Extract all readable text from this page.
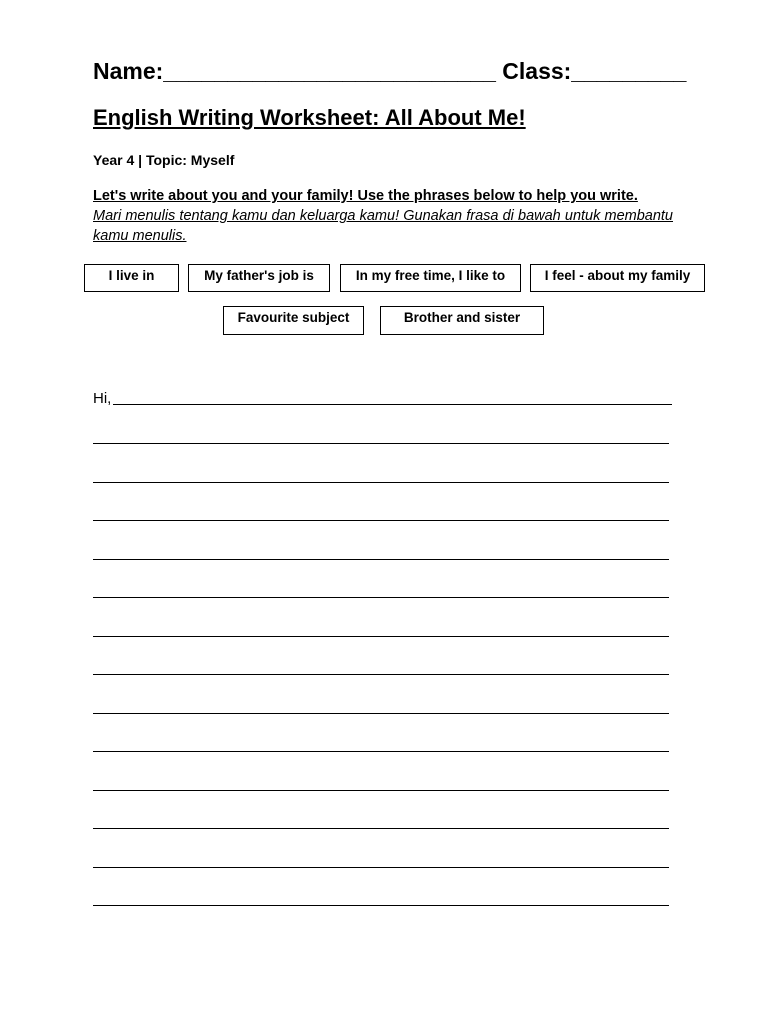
Name:__________________________ Class:_________
English Writing Worksheet: All About Me!
Year 4 | Topic: Myself
Let's write about you and your family! Use the phrases below to help you write.
Mari menulis tentang kamu dan keluarga kamu! Gunakan frasa di bawah untuk membantu kamu menulis.
I live in	My father's job is	In my free time, I like to	I feel - about my family
Favourite subject	Brother and sister
Hi,
